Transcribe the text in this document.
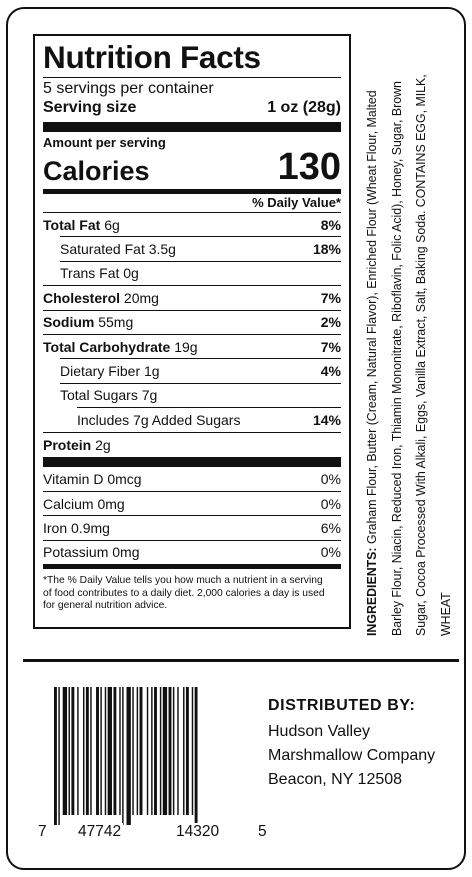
Nutrition Facts
5 servings per container
Serving size	1 oz (28g)
Amount per serving
Calories	130
% Daily Value*
Total Fat 6g	8%
Saturated Fat 3.5g	18%
Trans Fat 0g
Cholesterol 20mg	7%
Sodium 55mg	2%
Total Carbohydrate 19g	7%
Dietary Fiber 1g	4%
Total Sugars 7g
Includes 7g Added Sugars	14%
Protein 2g
Vitamin D 0mcg	0%
Calcium 0mg	0%
Iron 0.9mg	6%
Potassium 0mg	0%
*The % Daily Value tells you how much a nutrient in a serving of food contributes to a daily diet. 2,000 calories a day is used for general nutrition advice.	INGREDIENTS: Graham Flour, Butter (Cream, Natural Flavor), Enriched Flour (Wheat Flour, Malted Barley Flour, Niacin, Reduced Iron, Thiamin Mononitrate, Riboflavin, Folic Acid), Honey, Sugar, Brown Sugar, Cocoa Processed With Alkali, Eggs, Vanilla Extract, Salt, Baking Soda. CONTAINS EGG, MILK, WHEAT
7 47742	14320	5
DISTRIBUTED BY:
Hudson Valley
Marshmallow Company
Beacon, NY 12508
